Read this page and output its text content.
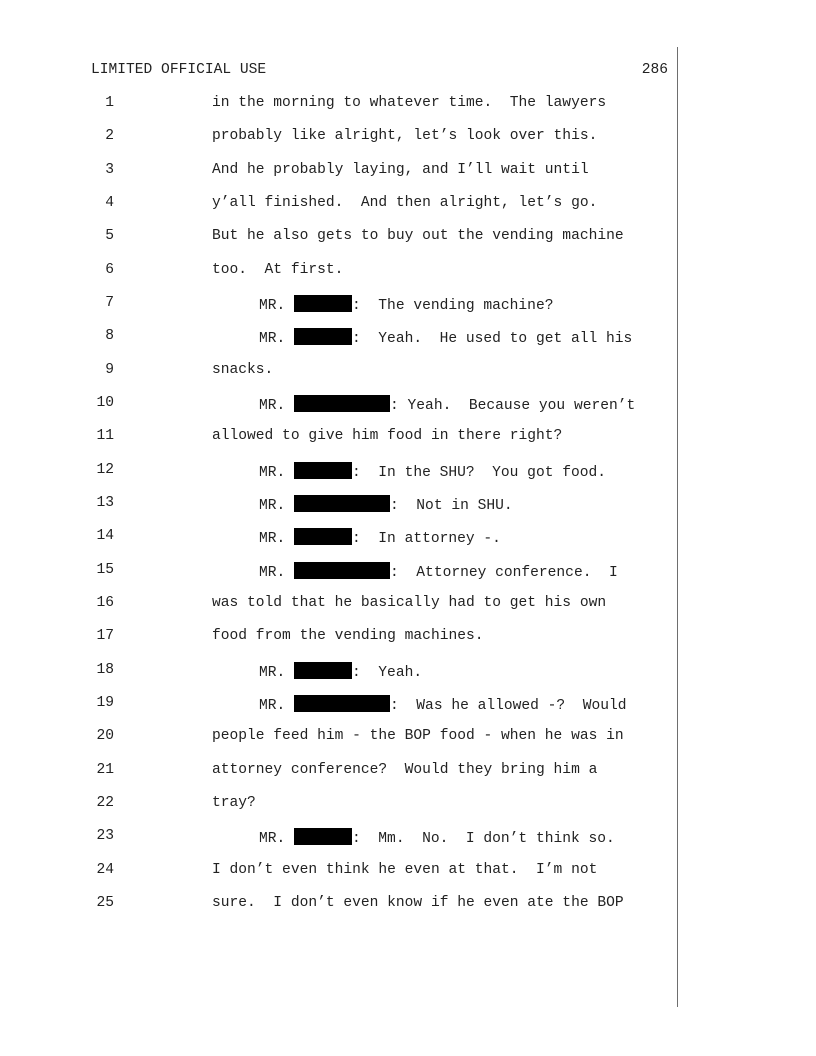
LIMITED OFFICIAL USE	286
1	in the morning to whatever time.  The lawyers
2	probably like alright, let’s look over this.
3	And he probably laying, and I’ll wait until
4	y’all finished.  And then alright, let’s go.
5	But he also gets to buy out the vending machine
6	too.  At first.
7	MR.	:  The vending machine?
8	MR.	:  Yeah.  He used to get all his
9	snacks.
10	MR.	: Yeah.  Because you weren’t
11	allowed to give him food in there right?
12	MR.	:  In the SHU?  You got food.
13	MR.	:  Not in SHU.
14	MR.	:  In attorney -.
15	MR.	:  Attorney conference.  I
16	was told that he basically had to get his own
17	food from the vending machines.
18	MR.	:  Yeah.
19	MR.	:  Was he allowed -?  Would
20	people feed him - the BOP food - when he was in
21	attorney conference?  Would they bring him a
22	tray?
23	MR.	:  Mm.  No.  I don’t think so.
24	I don’t even think he even at that.  I’m not
25	sure.  I don’t even know if he even ate the BOP
